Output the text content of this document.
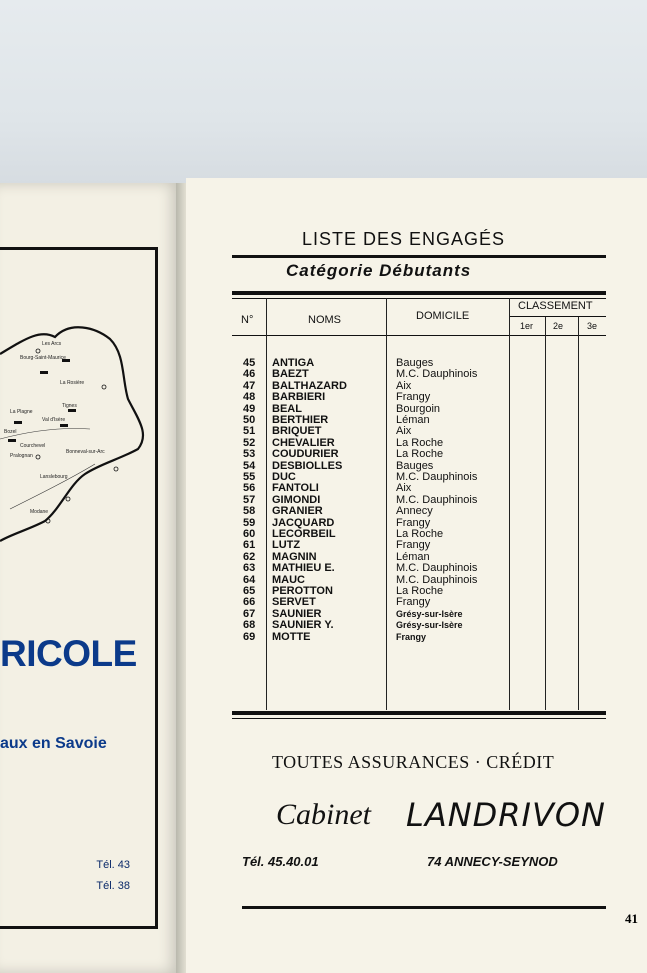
Bourg-Saint-Maurice
Les Arcs
La Rosière
Tignes
Val d'Isère
La Plagne
Bozel
Courchevel
Pralognan
Bonneval-sur-Arc
Lanslebourg
Modane
RICOLE
aux en Savoie
Tél. 43
Tél. 38
LISTE DES ENGAGÉS
Catégorie Débutants
N°	NOMS	DOMICILE
CLASSEMENT
1er 2e	3e
45	ANTIGA	Bauges
46	BAEZT	M.C. Dauphinois
47	BALTHAZARD	Aix
48	BARBIERI	Frangy
49	BEAL	Bourgoin
50	BERTHIER	Léman
51	BRIQUET	Aix
52	CHEVALIER	La Roche
53	COUDURIER	La Roche
54	DESBIOLLES	Bauges
55	DUC	M.C. Dauphinois
56	FANTOLI	Aix
57	GIMONDI	M.C. Dauphinois
58	GRANIER	Annecy
59	JACQUARD	Frangy
60	LECORBEIL	La Roche
61	LUTZ	Frangy
62	MAGNIN	Léman
63	MATHIEU E.	M.C. Dauphinois
64	MAUC	M.C. Dauphinois
65	PEROTTON	La Roche
66	SERVET	Frangy
67	SAUNIER	Grésy-sur-Isère
68	SAUNIER Y.	Grésy-sur-Isère
69	MOTTE	Frangy
TOUTES ASSURANCES · CRÉDIT
Cabinet LANDRIVON
Tél. 45.40.01	74 ANNECY-SEYNOD
41
